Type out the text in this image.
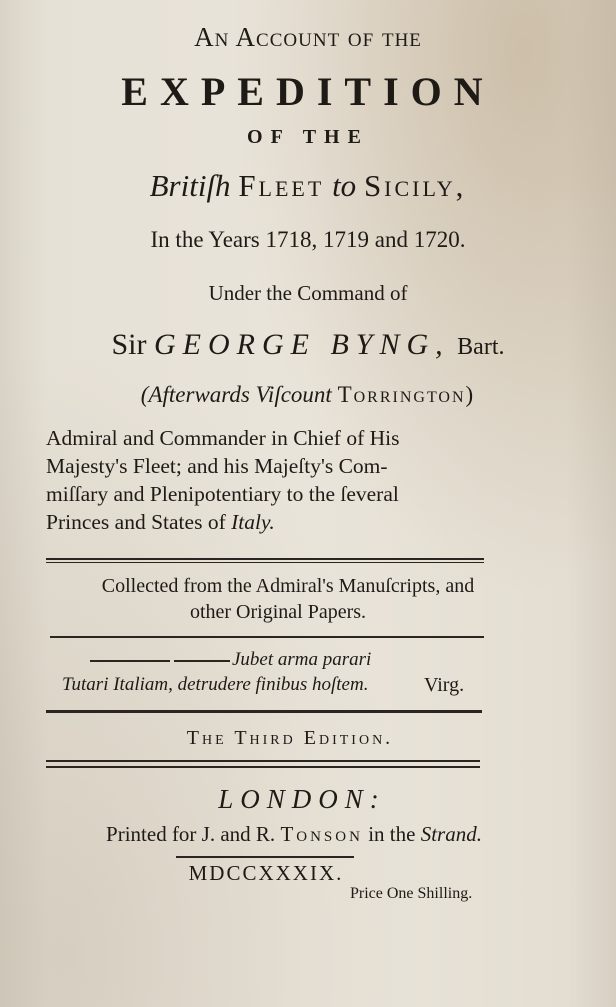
An Account of the
EXPEDITION
OF THE
Britiſh Fleet to Sicily,
In the Years 1718, 1719 and 1720.
Under the Command of
Sir GEORGE BYNG, Bart.
(Afterwards Viſcount Torrington)
Admiral and Commander in Chief of His
Majesty's Fleet; and his Majeſty's Com-
miſſary and Plenipotentiary to the ſeveral
Princes and States of Italy.
Collected from the Admiral's Manuſcripts, and
other Original Papers.
Jubet arma parari
Tutari Italiam, detrudere finibus hoſtem.	Virg.
The Third Edition.
LONDON:
Printed for J. and R. Tonson in the Strand.
MDCCXXXIX.
Price One Shilling.
